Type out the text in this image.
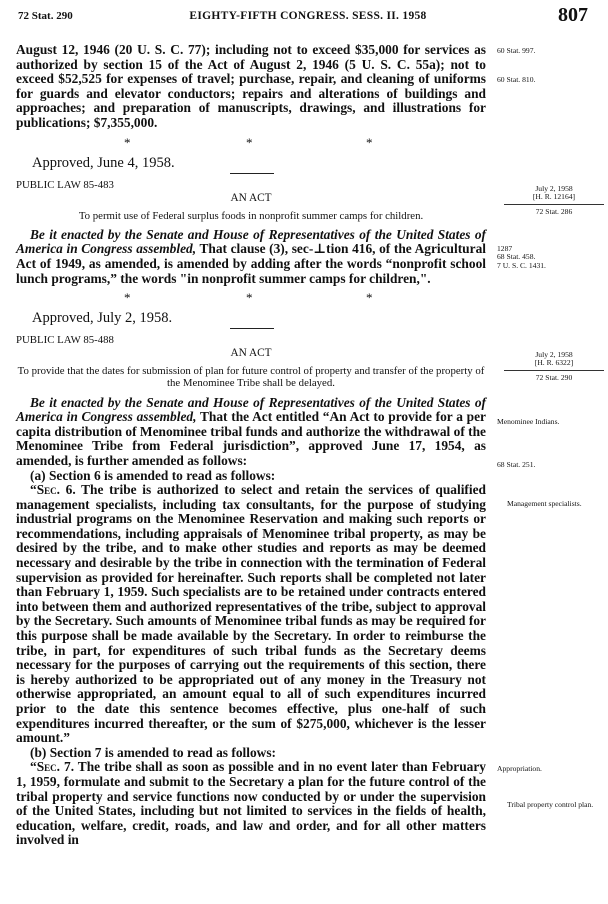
72 Stat. 290	EIGHTY-FIFTH CONGRESS. SESS. II. 1958	807

August 12, 1946 (20 U. S. C. 77); including not to exceed $35,000 for services as authorized by section 15 of the Act of August 2, 1946 (5 U. S. C. 55a); not to exceed $52,525 for expenses of travel; purchase, repair, and cleaning of uniforms for guards and elevator conductors; repairs and alterations of buildings and approaches; and preparation of manuscripts, drawings, and illustrations for publications; $7,355,000.

*	*	*
Approved, June 4, 1958.
PUBLIC LAW 85-483
AN ACT

To permit use of Federal surplus foods in nonprofit summer camps for children.

Be it enacted by the Senate and House of Representatives of the United States of America in Congress assembled, That clause (3), sec-⊥tion 416, of the Agricultural Act of 1949, as amended, is amended by adding after the words “nonprofit school lunch programs,” the words "in nonprofit summer camps for children,".

*	*	*
Approved, July 2, 1958.
PUBLIC LAW 85-488
AN ACT

To provide that the dates for submission of plan for future control of property and transfer of the property of the Menominee Tribe shall be delayed.

Be it enacted by the Senate and House of Representatives of the United States of America in Congress assembled, That the Act entitled “An Act to provide for a per capita distribution of Menominee tribal funds and authorize the withdrawal of the Menominee Tribe from Federal jurisdiction”, approved June 17, 1954, as amended, is further amended as follows:

(a) Section 6 is amended to read as follows:

“Sec. 6. The tribe is authorized to select and retain the services of qualified management specialists, including tax consultants, for the purpose of studying industrial programs on the Menominee Reservation and making such reports or recommendations, including appraisals of Menominee tribal property, as may be desired by the tribe, and to make other studies and reports as may be deemed necessary and desirable by the tribe in connection with the termination of Federal supervision as provided for hereinafter. Such reports shall be completed not later than February 1, 1959. Such specialists are to be retained under contracts entered into between them and authorized representatives of the tribe, subject to approval by the Secretary. Such amounts of Menominee tribal funds as may be required for this purpose shall be made available by the Secretary. In order to reimburse the tribe, in part, for expenditures of such tribal funds as the Secretary deems necessary for the purposes of carrying out the requirements of this section, there is hereby authorized to be appropriated out of any money in the Treasury not otherwise appropriated, an amount equal to all of such expenditures incurred prior to the date this sentence becomes effective, plus one-half of such expenditures incurred thereafter, or the sum of $275,000, whichever is the lesser amount.”

(b) Section 7 is amended to read as follows:

“Sec. 7. The tribe shall as soon as possible and in no event later than February 1, 1959, formulate and submit to the Secretary a plan for the future control of the tribal property and service functions now conducted by or under the supervision of the United States, including but not limited to services in the fields of health, education, welfare, credit, roads, and law and order, and for all other matters involved in

60 Stat. 997.
60 Stat. 810.
July 2, 1958
[H. R. 12164]
72 Stat. 286
1287
68 Stat. 458.
7 U. S. C. 1431.
July 2, 1958
[H. R. 6322]
72 Stat. 290
Menominee Indians.
68 Stat. 251.
Management specialists.
Appropriation.
Tribal property control plan.
